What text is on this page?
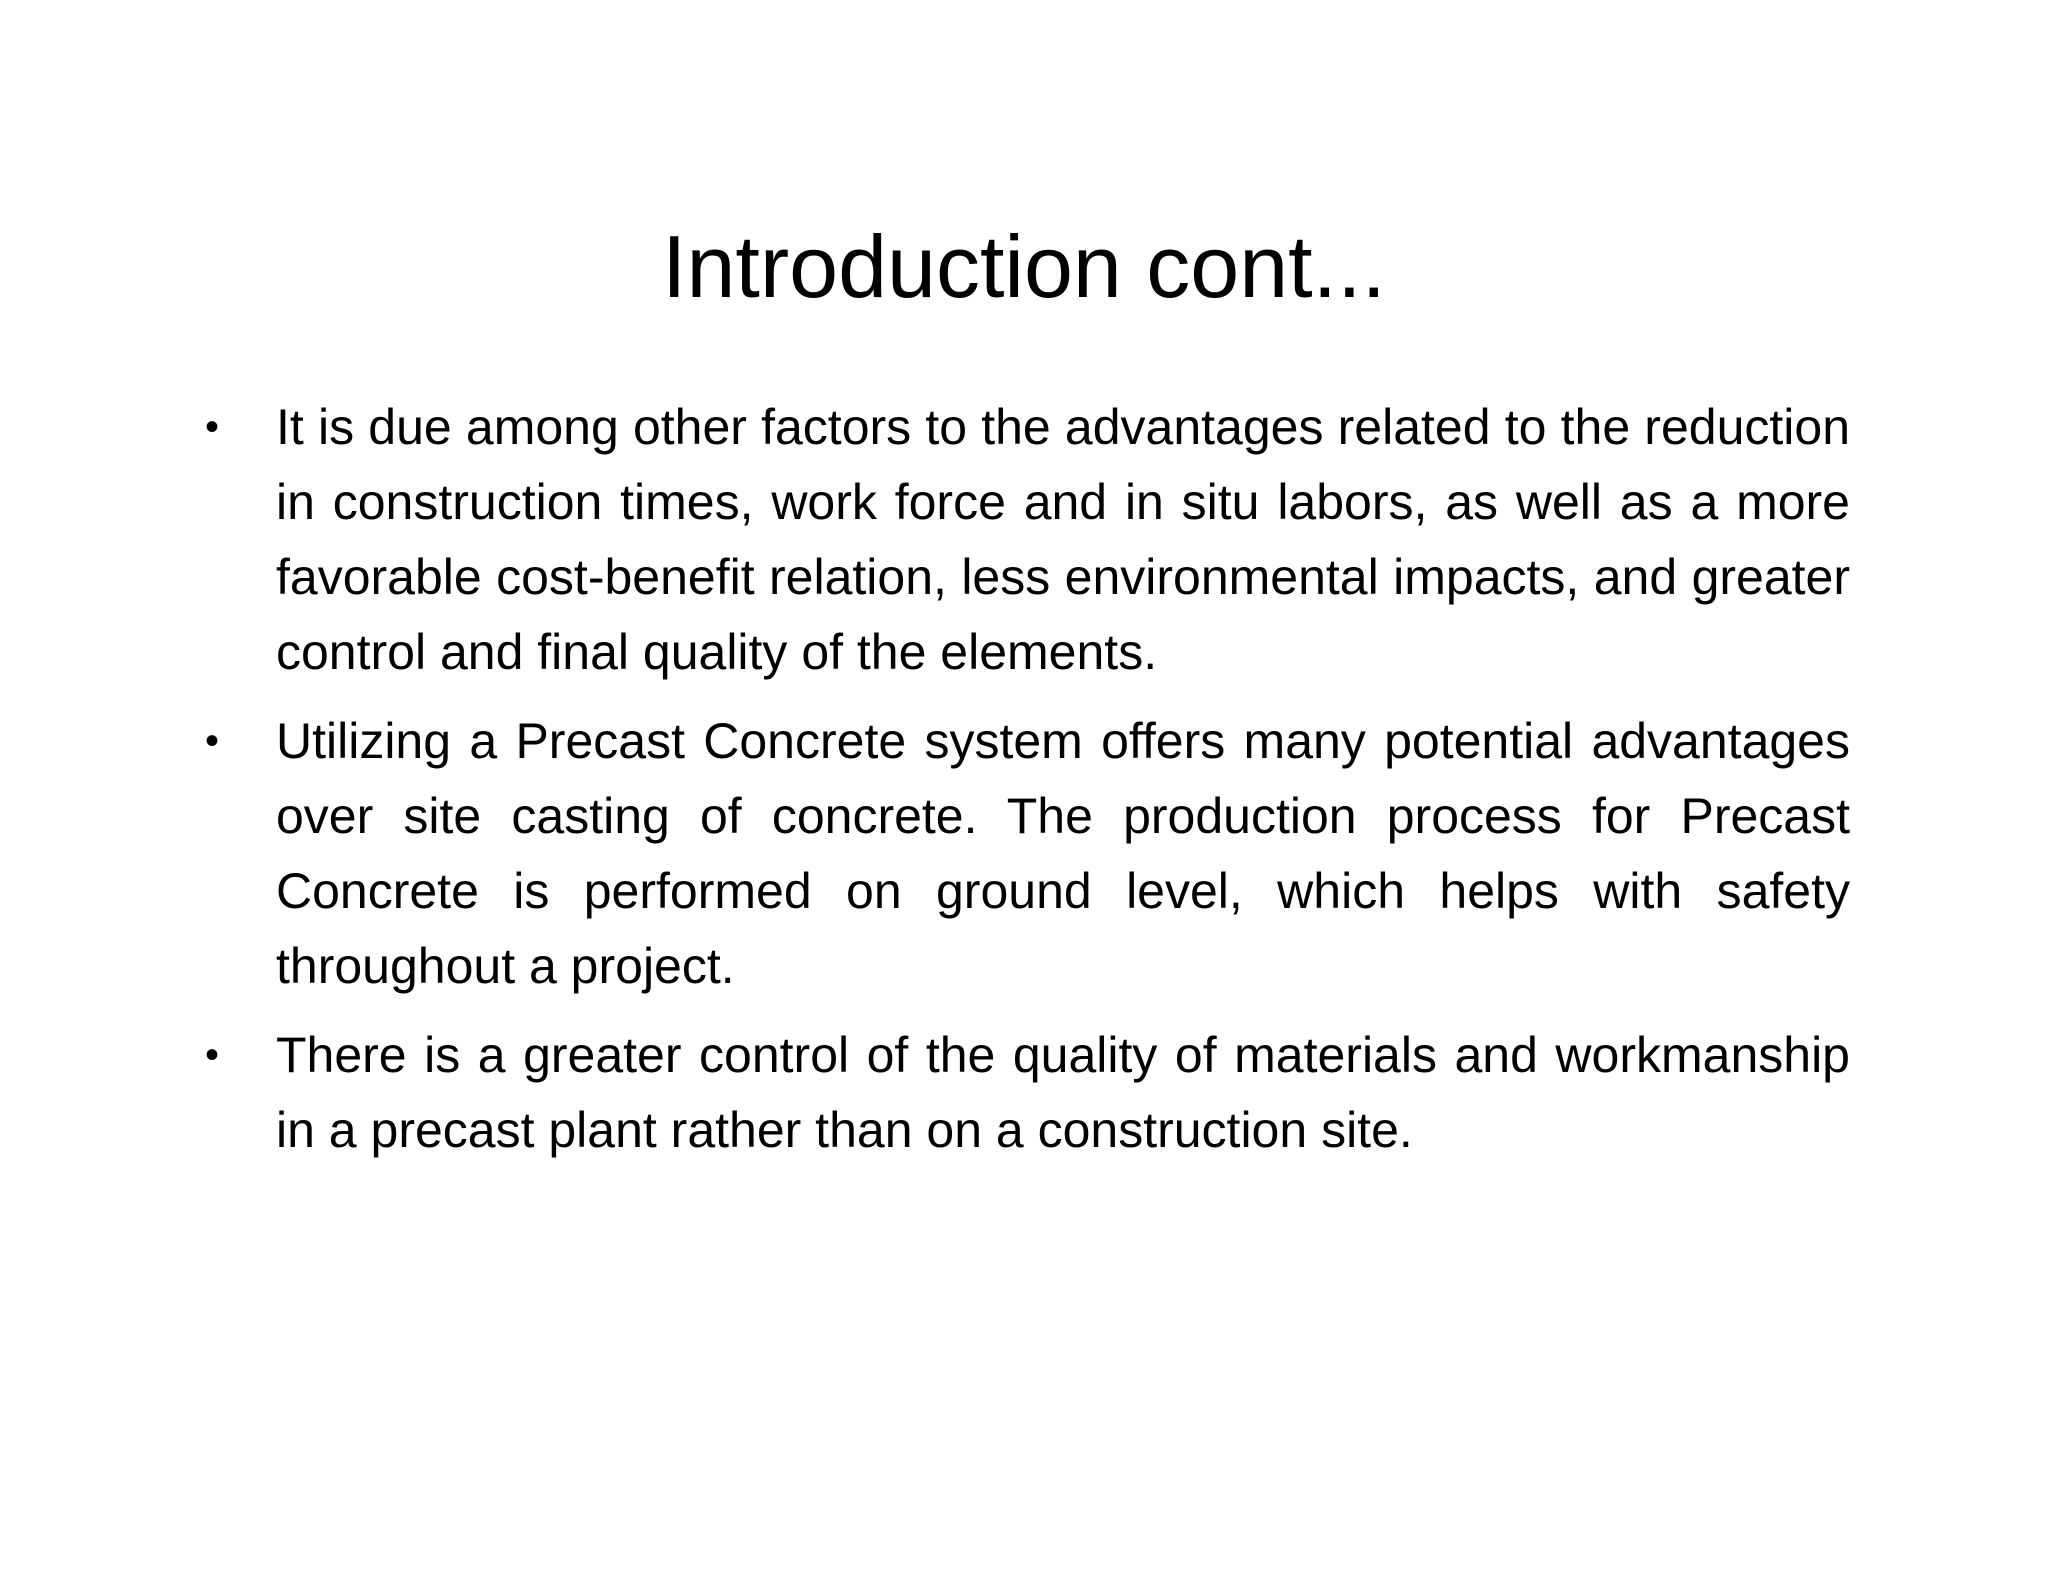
Introduction cont...
•	It is due among other factors to the advantages related to the reduction in construction times, work force and in situ labors, as well as a more favorable cost-benefit relation, less environmental impacts, and greater control and final quality of the elements.
•	Utilizing a Precast Concrete system offers many potential advantages over site casting of concrete. The production process for Precast Concrete is performed on ground level, which helps with safety throughout a project.
•	There is a greater control of the quality of materials and workmanship in a precast plant rather than on a construction site.
